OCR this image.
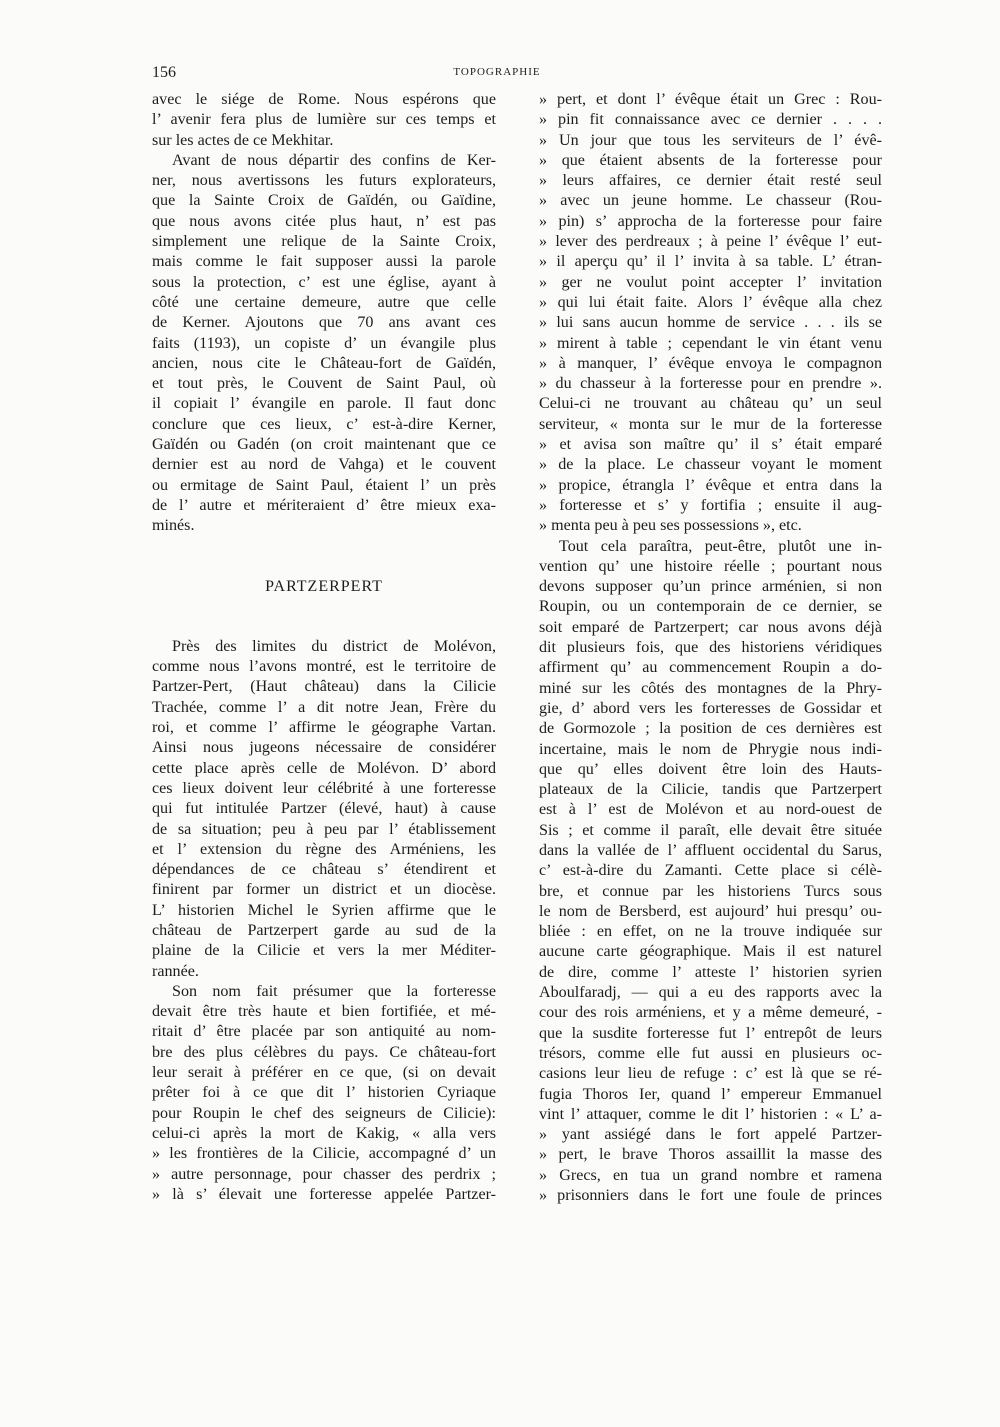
156	TOPOGRAPHIE

avec le siége de Rome. Nous espérons que
l’ avenir fera plus de lumière sur ces temps et
sur les actes de ce Mekhitar.

Avant de nous départir des confins de Ker-
ner, nous avertissons les futurs explorateurs,
que la Sainte Croix de Gaïdén, ou Gaïdine,
que nous avons citée plus haut, n’ est pas
simplement une relique de la Sainte Croix,
mais comme le fait supposer aussi la parole
sous la protection, c’ est une église, ayant à
côté une certaine demeure, autre que celle
de Kerner. Ajoutons que 70 ans avant ces
faits (1193), un copiste d’ un évangile plus
ancien, nous cite le Château-fort de Gaïdén,
et tout près, le Couvent de Saint Paul, où
il copiait l’ évangile en parole. Il faut donc
conclure que ces lieux, c’ est-à-dire Kerner,
Gaïdén ou Gadén (on croit maintenant que ce
dernier est au nord de Vahga) et le couvent
ou ermitage de Saint Paul, étaient l’ un près
de l’ autre et mériteraient d’ être mieux exa-
minés.

PARTZERPERT

Près des limites du district de Molévon,
comme nous l’avons montré, est le territoire de
Partzer-Pert, (Haut château) dans la Cilicie
Trachée, comme l’ a dit notre Jean, Frère du
roi, et comme l’ affirme le géographe Vartan.
Ainsi nous jugeons nécessaire de considérer
cette place après celle de Molévon. D’ abord
ces lieux doivent leur célébrité à une forteresse
qui fut intitulée Partzer (élevé, haut) à cause
de sa situation; peu à peu par l’ établissement
et l’ extension du règne des Arméniens, les
dépendances de ce château s’ étendirent et
finirent par former un district et un diocèse.
L’ historien Michel le Syrien affirme que le
château de Partzerpert garde au sud de la
plaine de la Cilicie et vers la mer Méditer-
rannée.

Son nom fait présumer que la forteresse
devait être très haute et bien fortifiée, et mé-
ritait d’ être placée par son antiquité au nom-
bre des plus célèbres du pays. Ce château-fort
leur serait à préférer en ce que, (si on devait
prêter foi à ce que dit l’ historien Cyriaque
pour Roupin le chef des seigneurs de Cilicie):
celui-ci après la mort de Kakig, « alla vers
» les frontières de la Cilicie, accompagné d’ un
» autre personnage, pour chasser des perdrix ;
» là s’ élevait une forteresse appelée Partzer-

» pert, et dont l’ évêque était un Grec : Rou-
» pin fit connaissance avec ce dernier . . . .
» Un jour que tous les serviteurs de l’ évê-
» que étaient absents de la forteresse pour
» leurs affaires, ce dernier était resté seul
» avec un jeune homme. Le chasseur (Rou-
» pin) s’ approcha de la forteresse pour faire
» lever des perdreaux ; à peine l’ évêque l’ eut-
» il aperçu qu’ il l’ invita à sa table. L’ étran-
» ger ne voulut point accepter l’ invitation
» qui lui était faite. Alors l’ évêque alla chez
» lui sans aucun homme de service . . . ils se
» mirent à table ; cependant le vin étant venu
» à manquer, l’ évêque envoya le compagnon
» du chasseur à la forteresse pour en prendre ».
Celui-ci ne trouvant au château qu’ un seul
serviteur, « monta sur le mur de la forteresse
» et avisa son maître qu’ il s’ était emparé
» de la place. Le chasseur voyant le moment
» propice, étrangla l’ évêque et entra dans la
» forteresse et s’ y fortifia ; ensuite il aug-
» menta peu à peu ses possessions », etc.

Tout cela paraîtra, peut-être, plutôt une in-
vention qu’ une histoire réelle ; pourtant nous
devons supposer qu’un prince arménien, si non
Roupin, ou un contemporain de ce dernier, se
soit emparé de Partzerpert; car nous avons déjà
dit plusieurs fois, que des historiens véridiques
affirment qu’ au commencement Roupin a do-
miné sur les côtés des montagnes de la Phry-
gie, d’ abord vers les forteresses de Gossidar et
de Gormozole ; la position de ces dernières est
incertaine, mais le nom de Phrygie nous indi-
que qu’ elles doivent être loin des Hauts-
plateaux de la Cilicie, tandis que Partzerpert
est à l’ est de Molévon et au nord-ouest de
Sis ; et comme il paraît, elle devait être située
dans la vallée de l’ affluent occidental du Sarus,
c’ est-à-dire du Zamanti. Cette place si célè-
bre, et connue par les historiens Turcs sous
le nom de Bersberd, est aujourd’ hui presqu’ ou-
bliée : en effet, on ne la trouve indiquée sur
aucune carte géographique. Mais il est naturel
de dire, comme l’ atteste l’ historien syrien
Aboulfaradj, — qui a eu des rapports avec la
cour des rois arméniens, et y a même demeuré, -
que la susdite forteresse fut l’ entrepôt de leurs
trésors, comme elle fut aussi en plusieurs oc-
casions leur lieu de refuge : c’ est là que se ré-
fugia Thoros Ier, quand l’ empereur Emmanuel
vint l’ attaquer, comme le dit l’ historien : « L’ a-
» yant assiégé dans le fort appelé Partzer-
» pert, le brave Thoros assaillit la masse des
» Grecs, en tua un grand nombre et ramena
» prisonniers dans le fort une foule de princes
